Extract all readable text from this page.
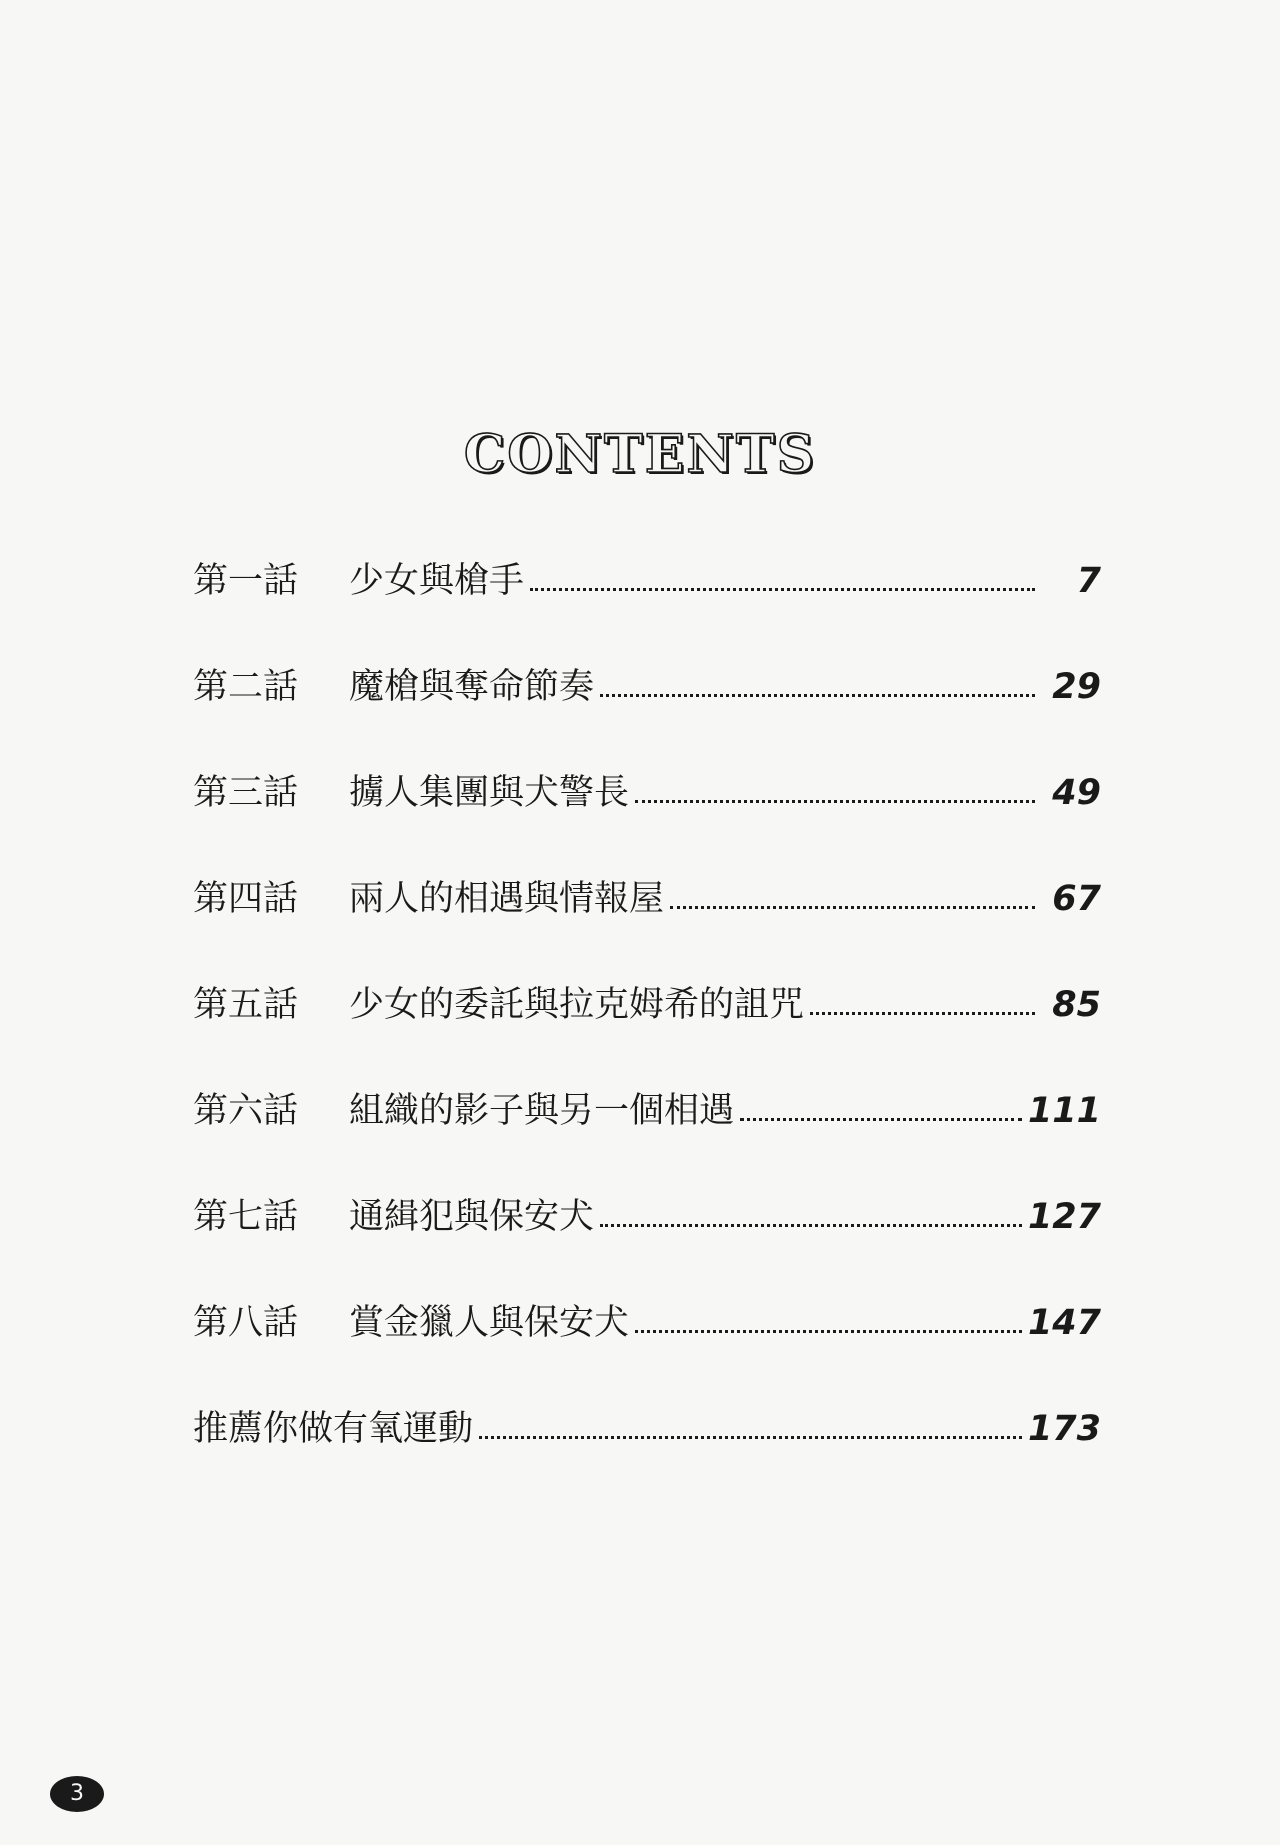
CONTENTS
第一話	少女與槍手	7
第二話	魔槍與奪命節奏	29
第三話	擄人集團與犬警長	49
第四話	兩人的相遇與情報屋	67
第五話	少女的委託與拉克姆希的詛咒	85
第六話	組織的影子與另一個相遇	111
第七話	通緝犯與保安犬	127
第八話	賞金獵人與保安犬	147
推薦你做有氧運動	173
3
